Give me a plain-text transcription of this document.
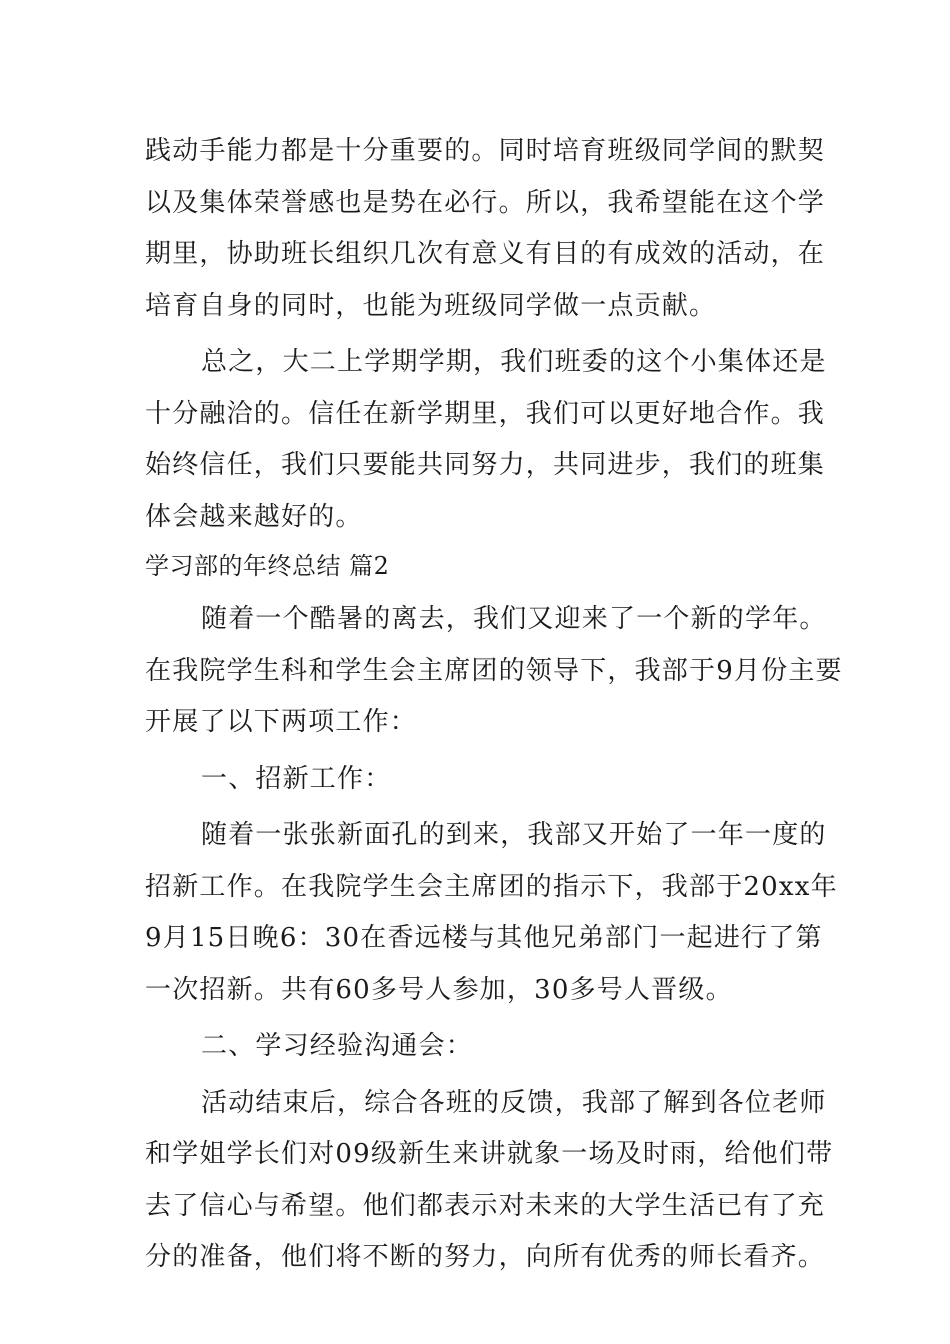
践动手能力都是十分重要的。同时培育班级同学间的默契

以及集体荣誉感也是势在必行。所以，我希望能在这个学

期里，协助班长组织几次有意义有目的有成效的活动，在

培育自身的同时，也能为班级同学做一点贡献。

总之，大二上学期学期，我们班委的这个小集体还是

十分融洽的。信任在新学期里，我们可以更好地合作。我

始终信任，我们只要能共同努力，共同进步，我们的班集

体会越来越好的。

学习部的年终总结 篇2

随着一个酷暑的离去，我们又迎来了一个新的学年。

在我院学生科和学生会主席团的领导下，我部于9月份主要

开展了以下两项工作：

一、招新工作：

随着一张张新面孔的到来，我部又开始了一年一度的

招新工作。在我院学生会主席团的指示下，我部于20xx年

9月15日晚6：30在香远楼与其他兄弟部门一起进行了第

一次招新。共有60多号人参加，30多号人晋级。

二、学习经验沟通会：

活动结束后，综合各班的反馈，我部了解到各位老师

和学姐学长们对09级新生来讲就象一场及时雨，给他们带

去了信心与希望。他们都表示对未来的大学生活已有了充

分的准备，他们将不断的努力，向所有优秀的师长看齐。
